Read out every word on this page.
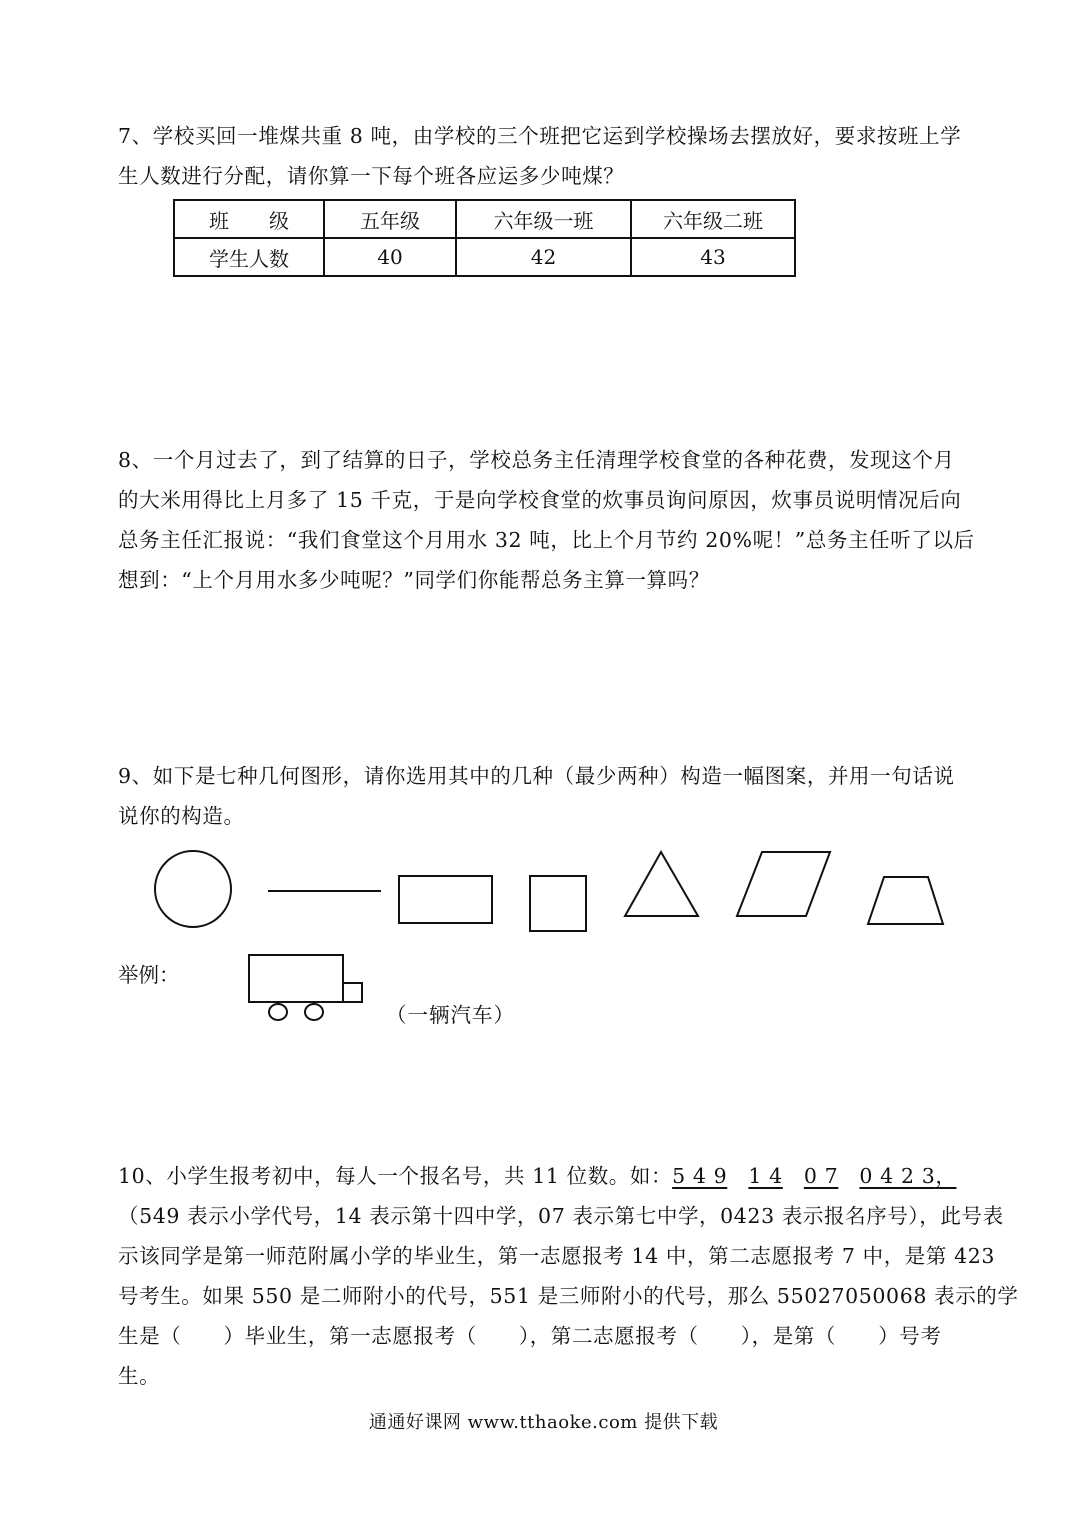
7、学校买回一堆煤共重 8 吨，由学校的三个班把它运到学校操场去摆放好，要求按班上学
生人数进行分配，请你算一下每个班各应运多少吨煤？
班　　级	五年级	六年级一班	六年级二班
学生人数	40	42	43
8、一个月过去了，到了结算的日子，学校总务主任清理学校食堂的各种花费，发现这个月
的大米用得比上月多了 15 千克，于是向学校食堂的炊事员询问原因，炊事员说明情况后向
总务主任汇报说：“我们食堂这个月用水 32 吨，比上个月节约 20%呢！”总务主任听了以后
想到：“上个月用水多少吨呢？”同学们你能帮总务主算一算吗？
9、如下是七种几何图形，请你选用其中的几种（最少两种）构造一幅图案，并用一句话说
说你的构造。
举例：
（一辆汽车）
10、小学生报考初中，每人一个报名号，共 11 位数。如：5 4 9　 1 4　 0 7　 0 4 2 3，
（549 表示小学代号，14 表示第十四中学，07 表示第七中学，0423 表示报名序号），此号表
示该同学是第一师范附属小学的毕业生，第一志愿报考 14 中，第二志愿报考 7 中，是第 423
号考生。如果 550 是二师附小的代号，551 是三师附小的代号，那么 55027050068 表示的学
生是（　　）毕业生，第一志愿报考（　　），第二志愿报考（　　），是第（　　）号考
生。
通通好课网 www.tthaoke.com 提供下载
